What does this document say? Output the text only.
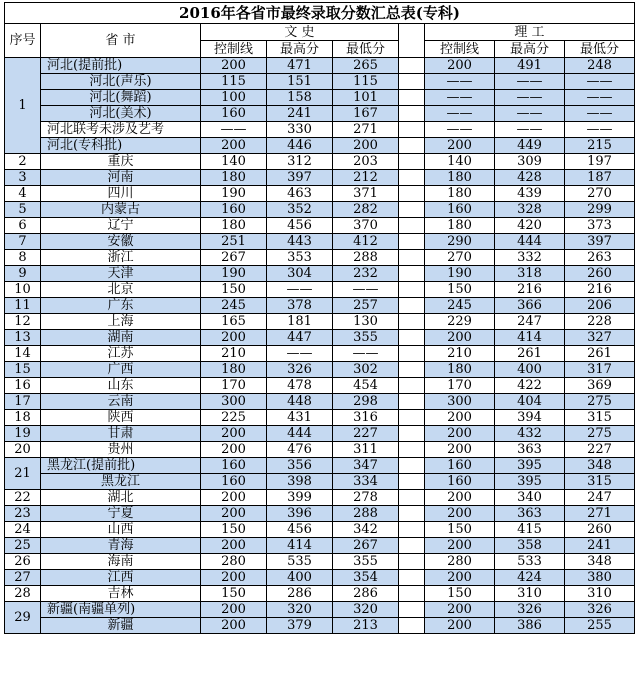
2016年各省市最终录取分数汇总表(专科)								
序号	省 市	文 史				理 工		
		控制线	最高分	最低分		控制线	最高分	最低分
1	河北(提前批)	200	471	265		200	491	248
	河北(声乐)	115	151	115		——	——	——
	河北(舞蹈)	100	158	101		——	——	——
	河北(美术)	160	241	167		——	——	——
	河北联考未涉及艺考	——	330	271		——	——	——
	河北(专科批)	200	446	200		200	449	215
2	重庆	140	312	203		140	309	197
3	河南	180	397	212		180	428	187
4	四川	190	463	371		180	439	270
5	内蒙古	160	352	282		160	328	299
6	辽宁	180	456	370		180	420	373
7	安徽	251	443	412		290	444	397
8	浙江	267	353	288		270	332	263
9	天津	190	304	232		190	318	260
10	北京	150	——	——		150	216	216
11	广东	245	378	257		245	366	206
12	上海	165	181	130		229	247	228
13	湖南	200	447	355		200	414	327
14	江苏	210	——	——		210	261	261
15	广西	180	326	302		180	400	317
16	山东	170	478	454		170	422	369
17	云南	300	448	298		300	404	275
18	陕西	225	431	316		200	394	315
19	甘肃	200	444	227		200	432	275
20	贵州	200	476	311		200	363	227
21	黑龙江(提前批)	160	356	347		160	395	348
	黑龙江	160	398	334		160	395	315
22	湖北	200	399	278		200	340	247
23	宁夏	200	396	288		200	363	271
24	山西	150	456	342		150	415	260
25	青海	200	414	267		200	358	241
26	海南	280	535	355		280	533	348
27	江西	200	400	354		200	424	380
28	吉林	150	286	286		150	310	310
29	新疆(南疆单列)	200	320	320		200	326	326
	新疆	200	379	213		200	386	255
